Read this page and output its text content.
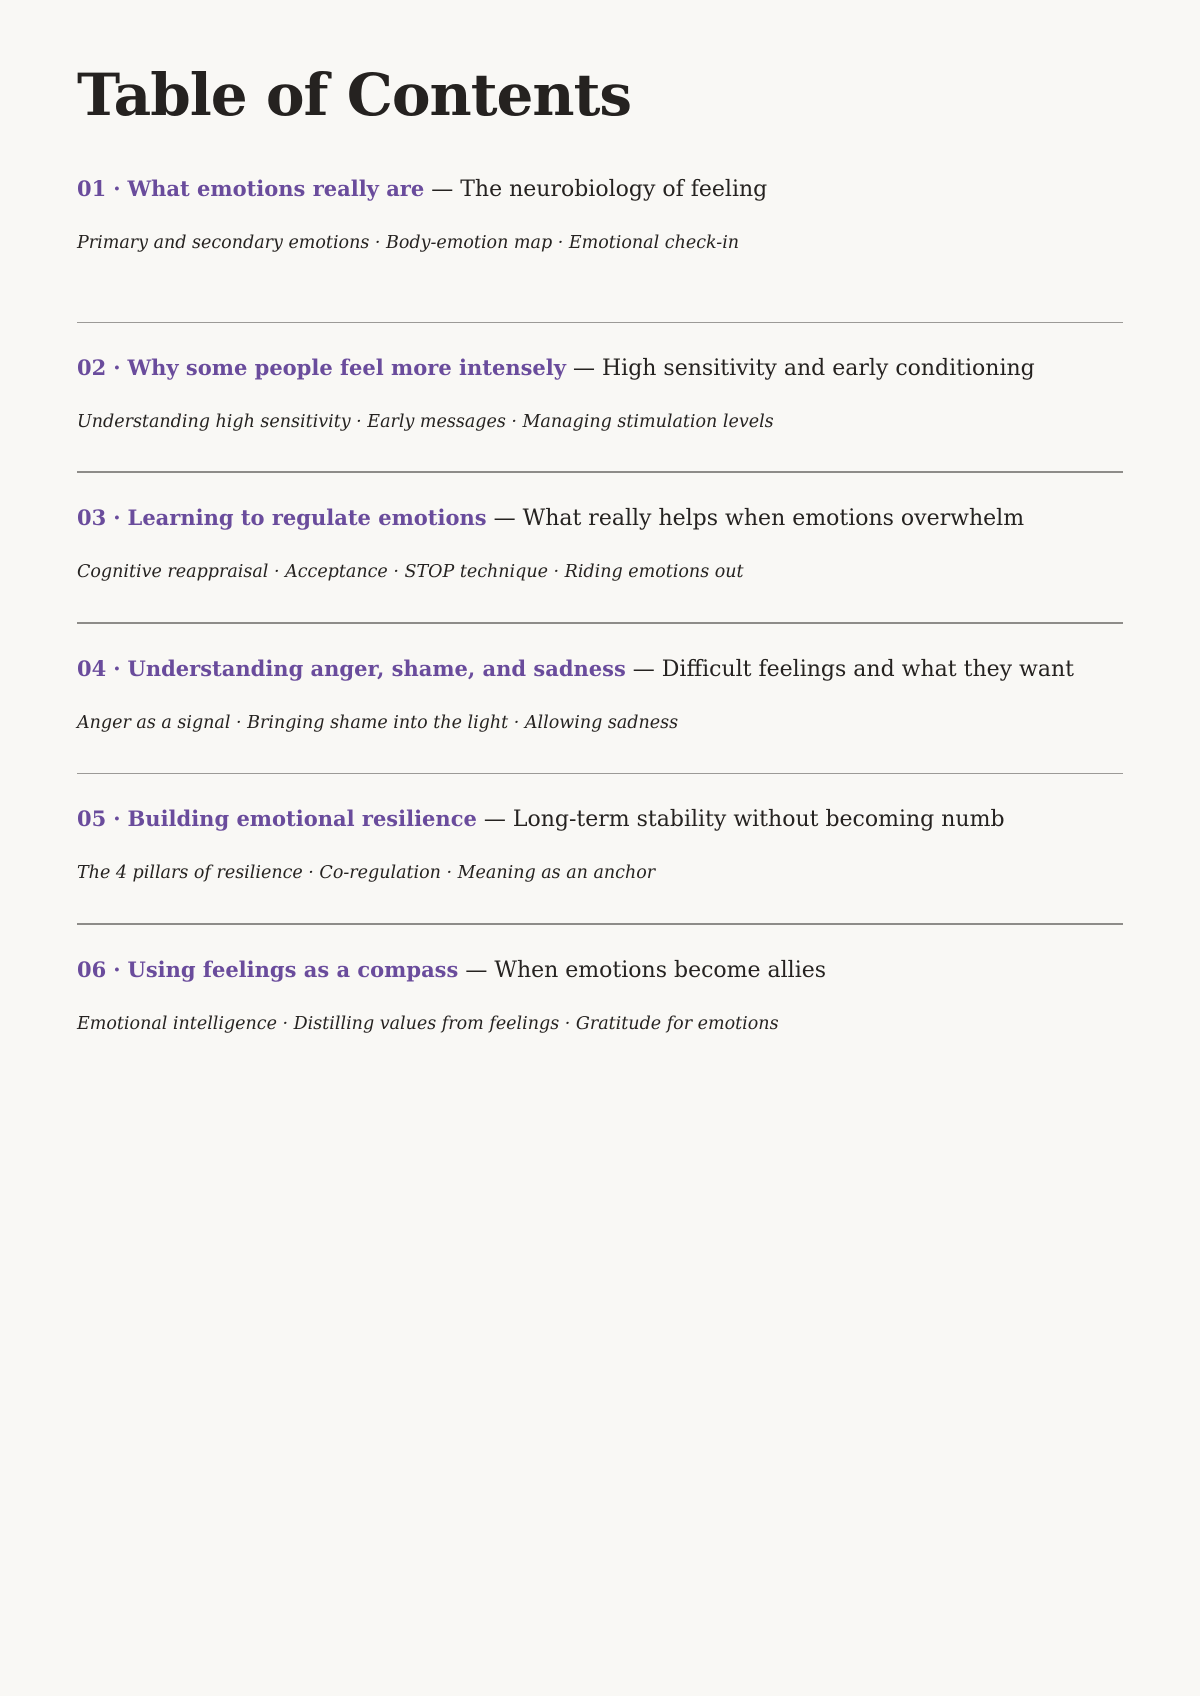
Table of Contents
01 · What emotions really are — The neurobiology of feeling
Primary and secondary emotions · Body-emotion map · Emotional check-in
02 · Why some people feel more intensely — High sensitivity and early conditioning
Understanding high sensitivity · Early messages · Managing stimulation levels
03 · Learning to regulate emotions — What really helps when emotions overwhelm
Cognitive reappraisal · Acceptance · STOP technique · Riding emotions out
04 · Understanding anger, shame, and sadness — Difficult feelings and what they want
Anger as a signal · Bringing shame into the light · Allowing sadness
05 · Building emotional resilience — Long-term stability without becoming numb
The 4 pillars of resilience · Co-regulation · Meaning as an anchor
06 · Using feelings as a compass — When emotions become allies
Emotional intelligence · Distilling values from feelings · Gratitude for emotions
